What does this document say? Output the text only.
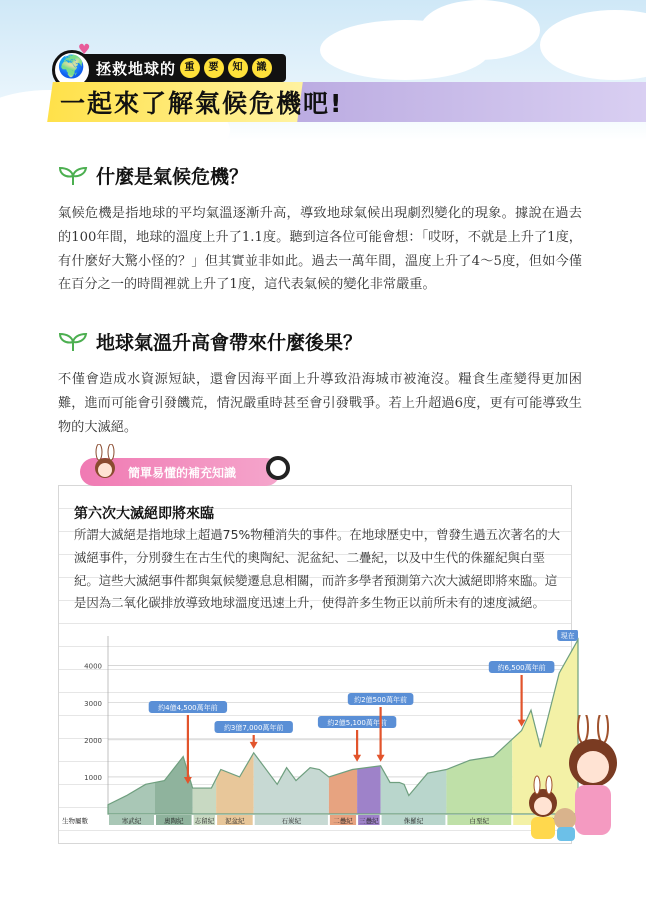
🌍
♥
拯救地球的 重	要	知	識
一起來了解氣候危機吧!
什麼是氣候危機？
氣候危機是指地球的平均氣溫逐漸升高，導致地球氣候出現劇烈變化的現象。據說在過去的100年間，地球的溫度上升了1.1度。聽到這各位可能會想：「哎呀，不就是上升了1度，有什麼好大驚小怪的？」但其實並非如此。過去一萬年間，溫度上升了4～5度，但如今僅在百分之一的時間裡就上升了1度，這代表氣候的變化非常嚴重。
地球氣溫升高會帶來什麼後果？
不僅會造成水資源短缺，還會因海平面上升導致沿海城市被淹沒。糧食生產變得更加困難，進而可能會引發饑荒，情況嚴重時甚至會引發戰爭。若上升超過6度，更有可能導致生物的大滅絕。
簡單易懂的補充知識
第六次大滅絕即將來臨
所謂大滅絕是指地球上超過75%物種消失的事件。在地球歷史中，曾發生過五次著名的大滅絕事件，分別發生在古生代的奧陶紀、泥盆紀、二疊紀，以及中生代的侏羅紀與白堊紀。這些大滅絕事件都與氣候變遷息息相關，而許多學者預測第六次大滅絕即將來臨。這是因為二氧化碳排放導致地球溫度迅速上升，使得許多生物正以前所未有的速度滅絕。
1000
2000
3000
4000
寒武紀	奧陶紀 志留紀 泥盆紀	石炭紀	二疊紀 三疊紀	侏羅紀	白堊紀
生物屬數
約4億4,500萬年前
約3億7,000萬年前
約2億5,100萬年前
約2億500萬年前
約6,500萬年前
現在
